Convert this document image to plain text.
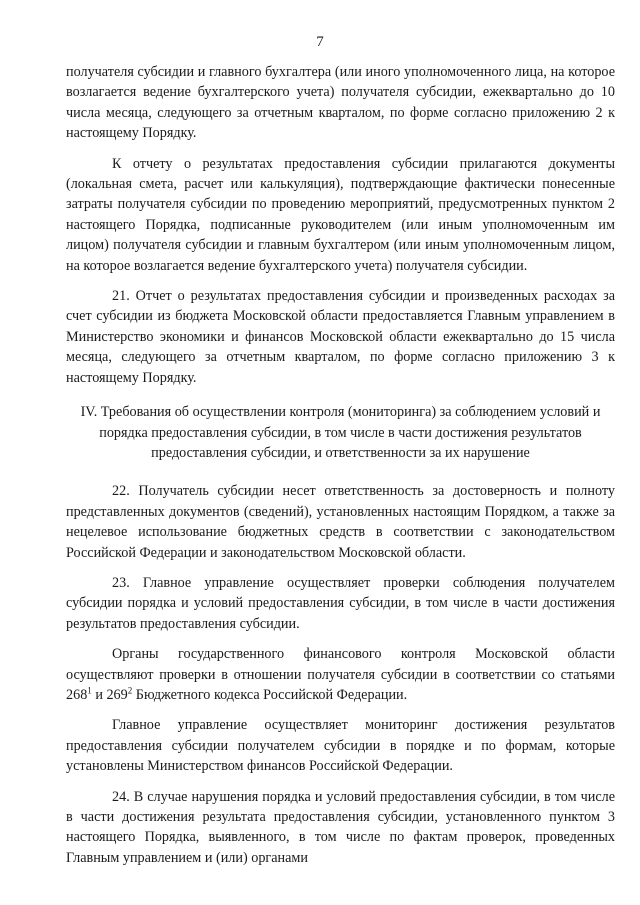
7

получателя субсидии и главного бухгалтера (или иного уполномоченного лица, на которое возлагается ведение бухгалтерского учета) получателя субсидии, ежеквартально до 10 числа месяца, следующего за отчетным кварталом, по форме согласно приложению 2 к настоящему Порядку.

К отчету о результатах предоставления субсидии прилагаются документы (локальная смета, расчет или калькуляция), подтверждающие фактически понесенные затраты получателя субсидии по проведению мероприятий, предусмотренных пунктом 2 настоящего Порядка, подписанные руководителем (или иным уполномоченным им лицом) получателя субсидии и главным бухгалтером (или иным уполномоченным лицом, на которое возлагается ведение бухгалтерского учета) получателя субсидии.

21. Отчет о результатах предоставления субсидии и произведенных расходах за счет субсидии из бюджета Московской области предоставляется Главным управлением в Министерство экономики и финансов Московской области ежеквартально до 15 числа месяца, следующего за отчетным кварталом, по форме согласно приложению 3 к настоящему Порядку.

IV. Требования об осуществлении контроля (мониторинга) за соблюдением условий и порядка предоставления субсидии, в том числе в части достижения результатов предоставления субсидии, и ответственности за их нарушение

22. Получатель субсидии несет ответственность за достоверность и полноту представленных документов (сведений), установленных настоящим Порядком, а также за нецелевое использование бюджетных средств в соответствии с законодательством Российской Федерации и законодательством Московской области.

23. Главное управление осуществляет проверки соблюдения получателем субсидии порядка и условий предоставления субсидии, в том числе в части достижения результатов предоставления субсидии.

Органы государственного финансового контроля Московской области осуществляют проверки в отношении получателя субсидии в соответствии со статьями $268^1$ и $269^2$ Бюджетного кодекса Российской Федерации.

Главное управление осуществляет мониторинг достижения результатов предоставления субсидии получателем субсидии в порядке и по формам, которые установлены Министерством финансов Российской Федерации.

24. В случае нарушения порядка и условий предоставления субсидии, в том числе в части достижения результата предоставления субсидии, установленного пунктом 3 настоящего Порядка, выявленного, в том числе по фактам проверок, проведенных Главным управлением и (или) органами
